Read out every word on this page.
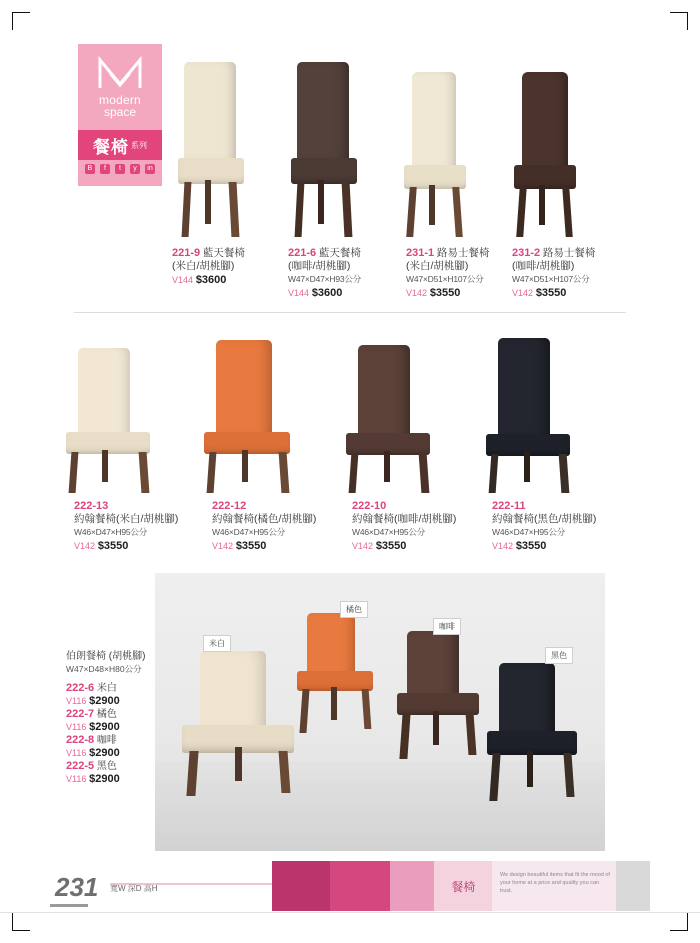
modern
space
餐椅 系列
B	f	t	y	in
221-9 藍天餐椅
(米白/胡桃腳)
V144 $3600
221-6 藍天餐椅
(咖啡/胡桃腳)
W47×D47×H93公分
V144 $3600
231-1 路易士餐椅
(米白/胡桃腳)
W47×D51×H107公分
V142 $3550
231-2 路易士餐椅
(咖啡/胡桃腳)
W47×D51×H107公分
V142 $3550
222-13
約翰餐椅(米白/胡桃腳)
W46×D47×H95公分
V142 $3550
222-12
約翰餐椅(橘色/胡桃腳)
W46×D47×H95公分
V142 $3550
222-10
約翰餐椅(咖啡/胡桃腳)
W46×D47×H95公分
V142 $3550
222-11
約翰餐椅(黑色/胡桃腳)
W46×D47×H95公分
V142 $3550
米白
橘色
咖啡
黑色
伯朗餐椅 (胡桃腳)
W47×D48×H80公分
222-6 米白
V116 $2900
222-7 橘色
V116 $2900
222-8 咖啡
V116 $2900
222-5 黑色
V116 $2900
餐椅
We design beautiful items that fit the mood of your home at a price and quality you can trust.
231 寬W 深D 高H
